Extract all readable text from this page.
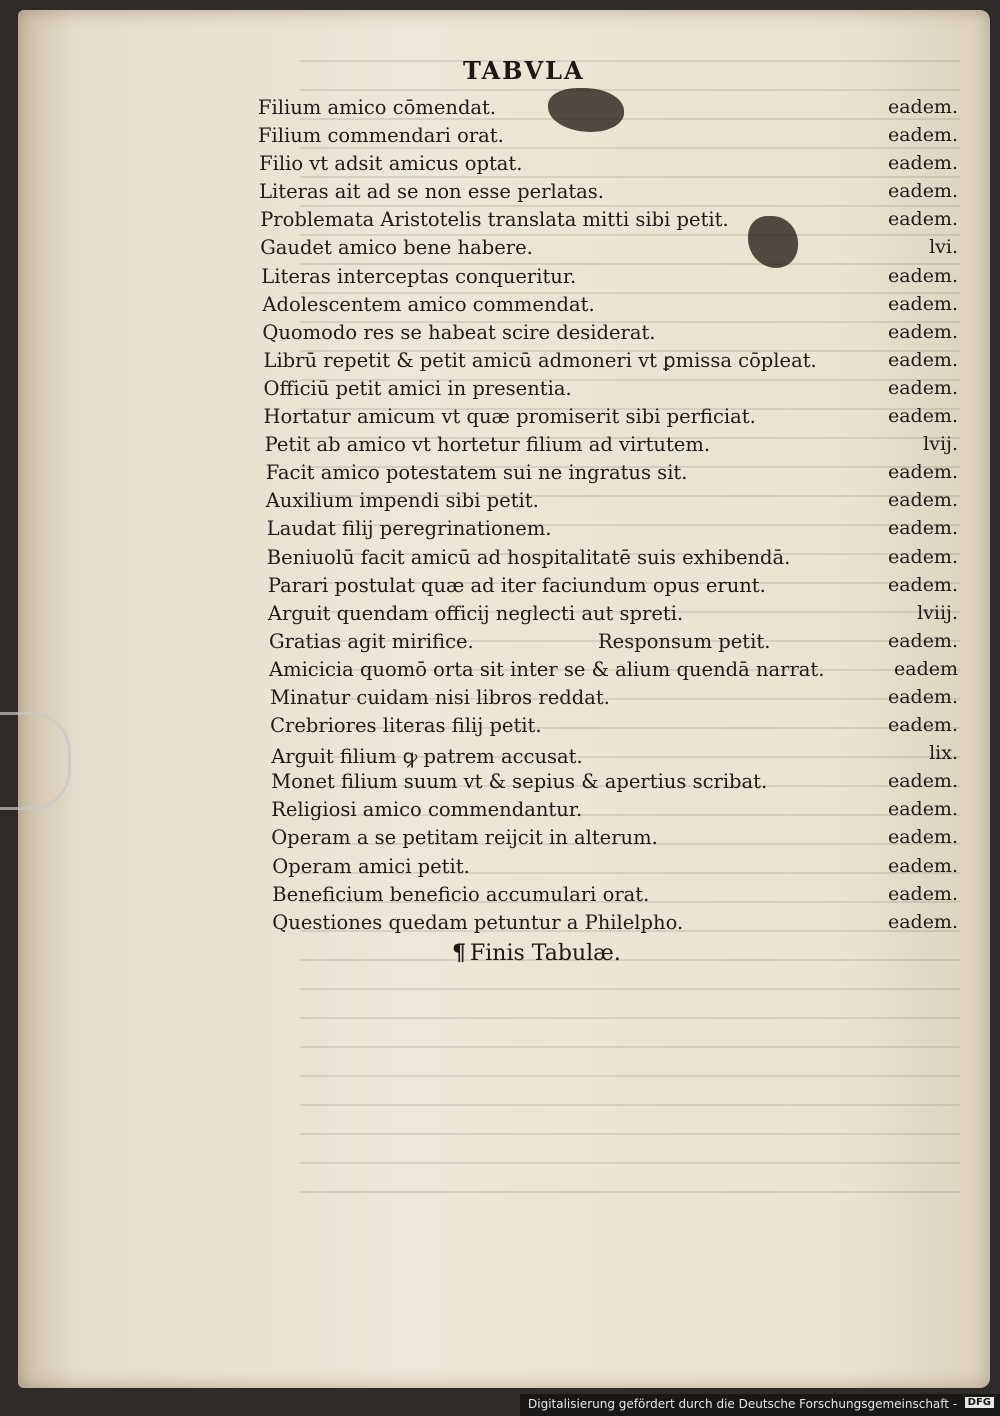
TABVLA
Filium amico cōmendat.	eadem.
Filium commendari orat.	eadem.
Filio vt adsit amicus optat.	eadem.
Literas ait ad se non esse perlatas.	eadem.
Problemata Aristotelis translata mitti sibi petit.	eadem.
Gaudet amico bene habere.	lvi.
Literas interceptas conqueritur.	eadem.
Adolescentem amico commendat.	eadem.
Quomodo res se habeat scire desiderat.	eadem.
Librū repetit & petit amicū admoneri vt ꝑmissa cōpleat.	eadem.
Officiū petit amici in presentia.	eadem.
Hortatur amicum vt quæ promiserit sibi perficiat.	eadem.
Petit ab amico vt hortetur filium ad virtutem.	lvij.
Facit amico potestatem sui ne ingratus sit.	eadem.
Auxilium impendi sibi petit.	eadem.
Laudat filij peregrinationem.	eadem.
Beniuolū facit amicū ad hospitalitatē suis exhibendā.	eadem.
Parari postulat quæ ad iter faciundum opus erunt.	eadem.
Arguit quendam officij neglecti aut spreti.	lviij.
Gratias agit mirifice.	Responsum petit.	eadem.
Amicicia quomō orta sit inter se & alium quendā narrat.	eadem
Minatur cuidam nisi libros reddat.	eadem.
Crebriores literas filij petit.	eadem.
Arguit filium ꝙ patrem accusat.	lix.
Monet filium suum vt & sepius & apertius scribat.	eadem.
Religiosi amico commendantur.	eadem.
Operam a se petitam reijcit in alterum.	eadem.
Operam amici petit.	eadem.
Beneficium beneficio accumulari orat.	eadem.
Questiones quedam petuntur a Philelpho.	eadem.
¶ Finis Tabulæ.
Digitalisierung gefördert durch die Deutsche Forschungsgemeinschaft -	DFG
